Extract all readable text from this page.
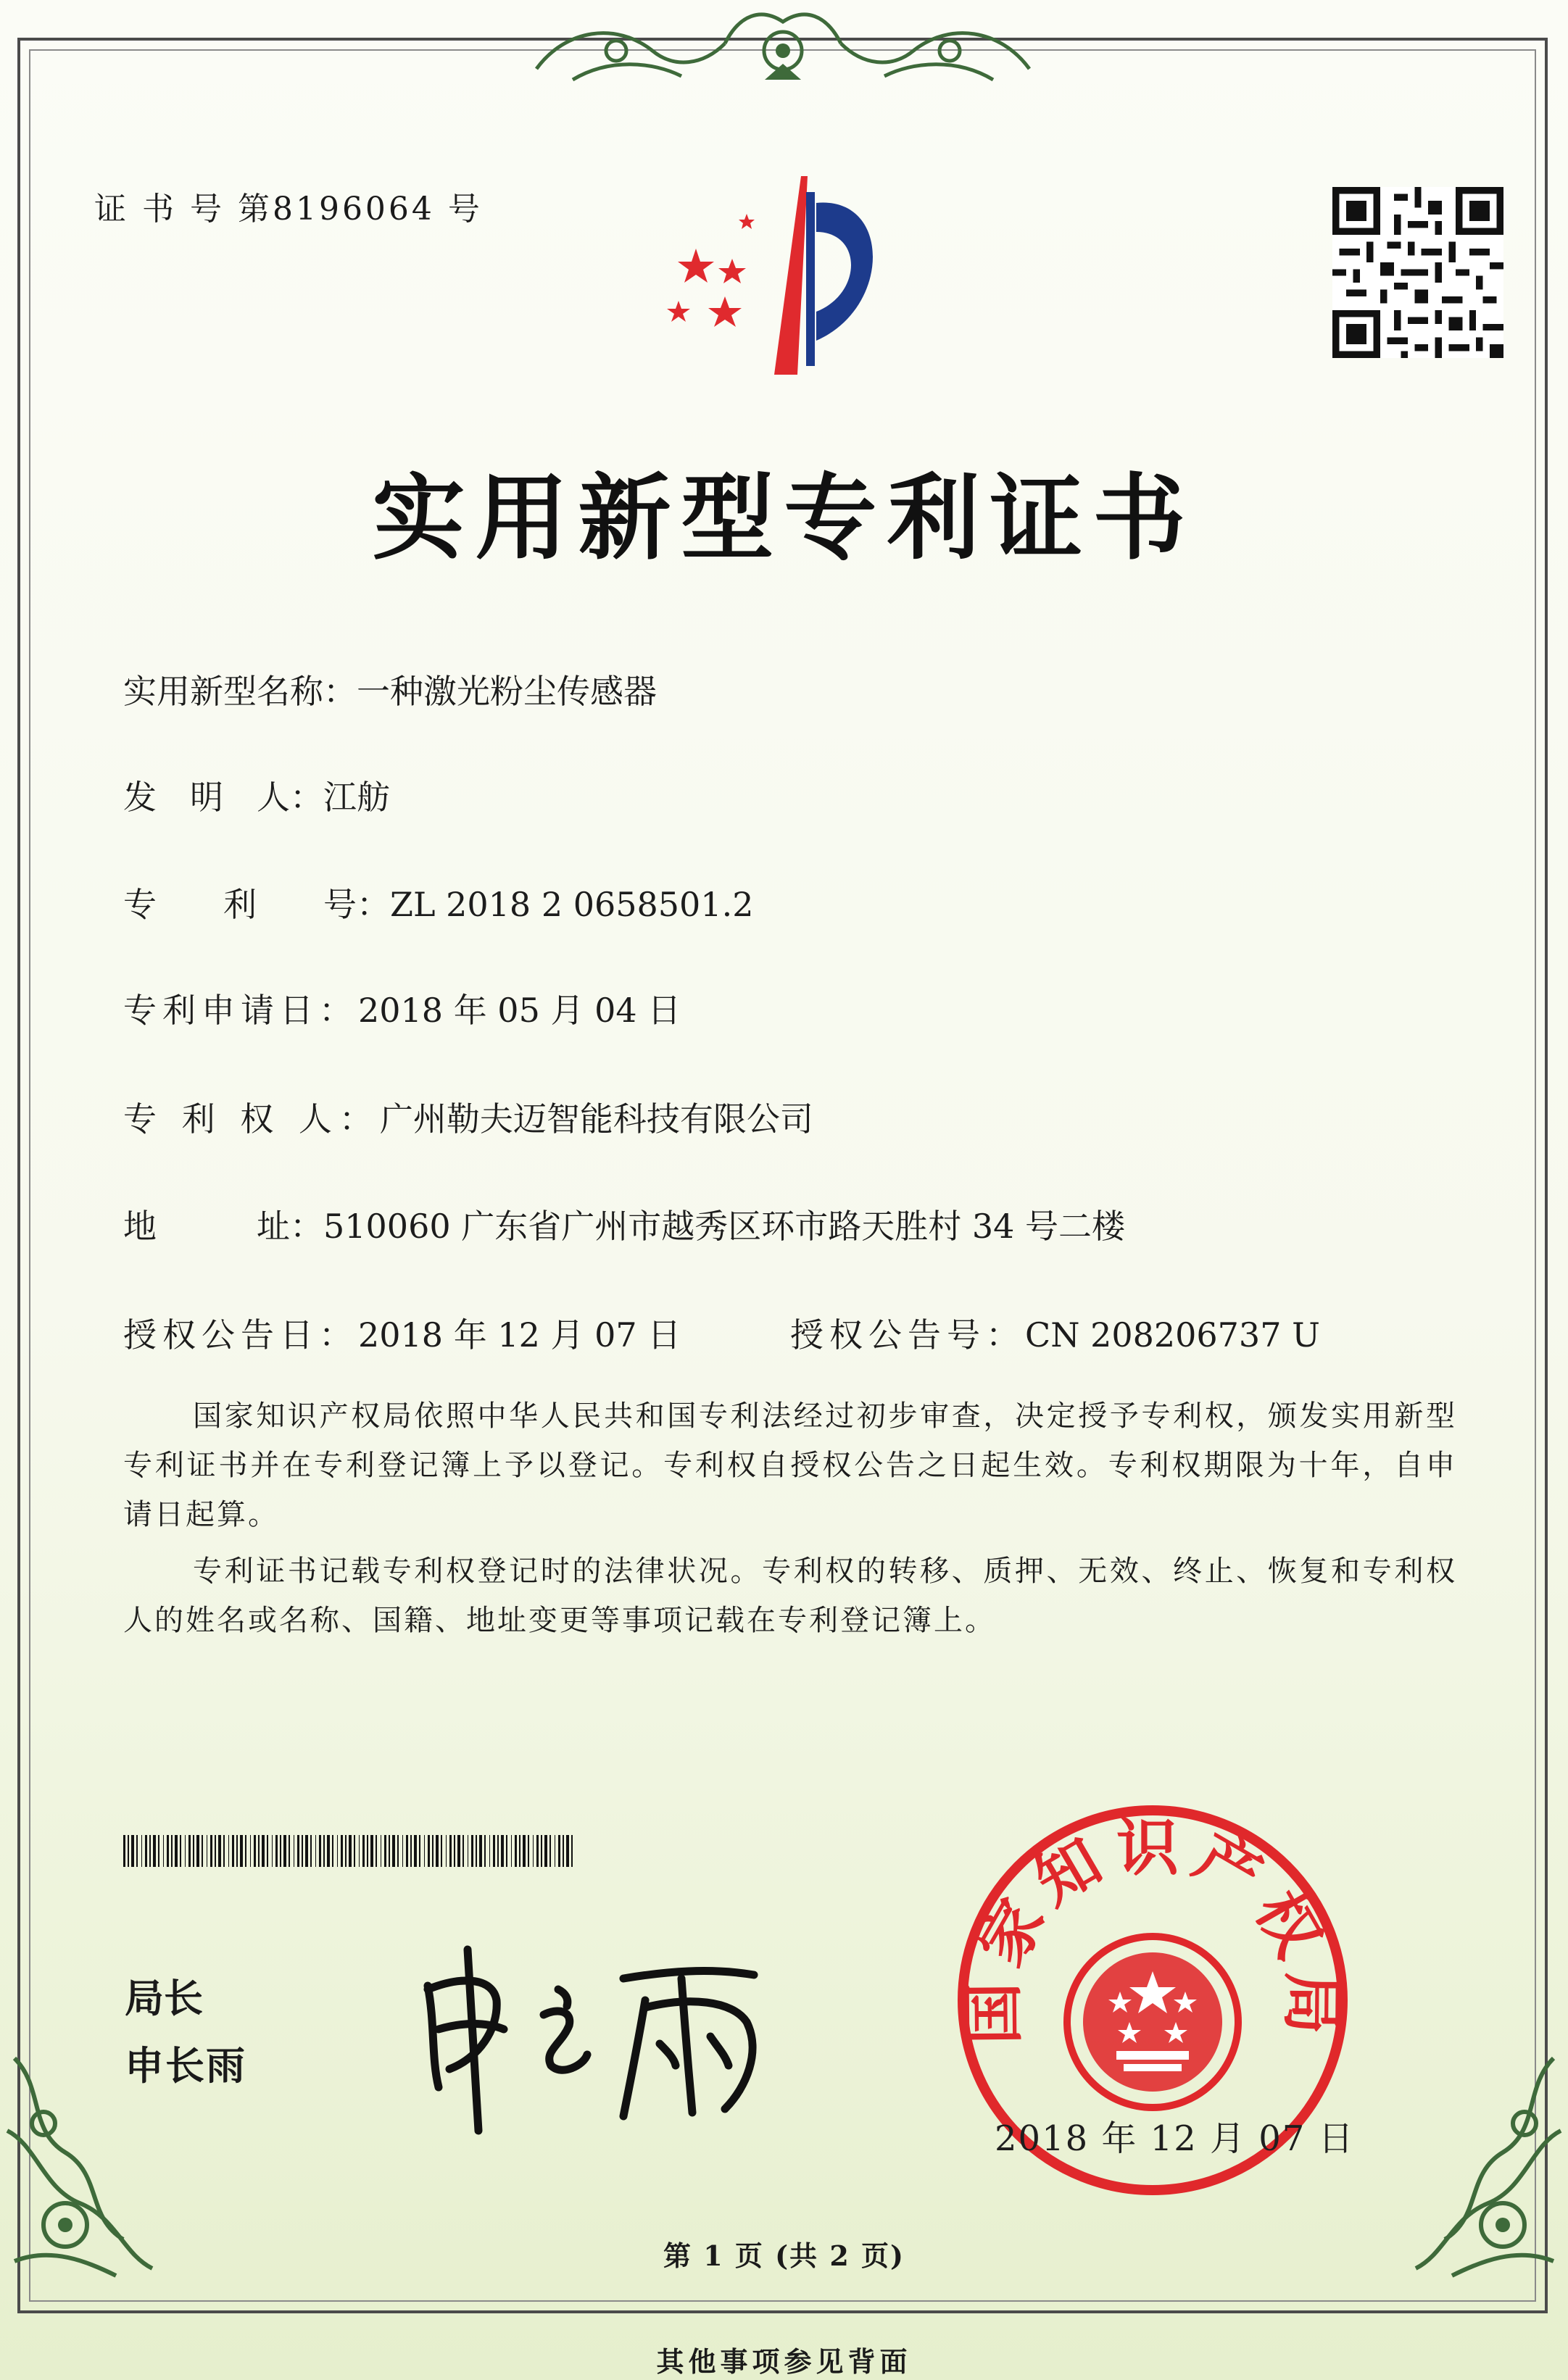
证 书 号 第8196064 号
实用新型专利证书
实用新型名称：一种激光粉尘传感器
发　明　人：江舫
专　　利　　号：ZL 2018 2 0658501.2
专利申请日：2018 年 05 月 04 日
专 利 权 人：广州勒夫迈智能科技有限公司
地　　　址：510060 广东省广州市越秀区环市路天胜村 34 号二楼
授权公告日：2018 年 12 月 07 日	授权公告号：CN 208206737 U
国家知识产权局依照中华人民共和国专利法经过初步审查，决定授予专利权，颁发实用新型专利证书并在专利登记簿上予以登记。专利权自授权公告之日起生效。专利权期限为十年，自申请日起算。
专利证书记载专利权登记时的法律状况。专利权的转移、质押、无效、终止、恢复和专利权人的姓名或名称、国籍、地址变更等事项记载在专利登记簿上。
局长
申长雨
国家知识产权局
2018 年 12 月 07 日
第 1 页 (共 2 页)
其他事项参见背面
